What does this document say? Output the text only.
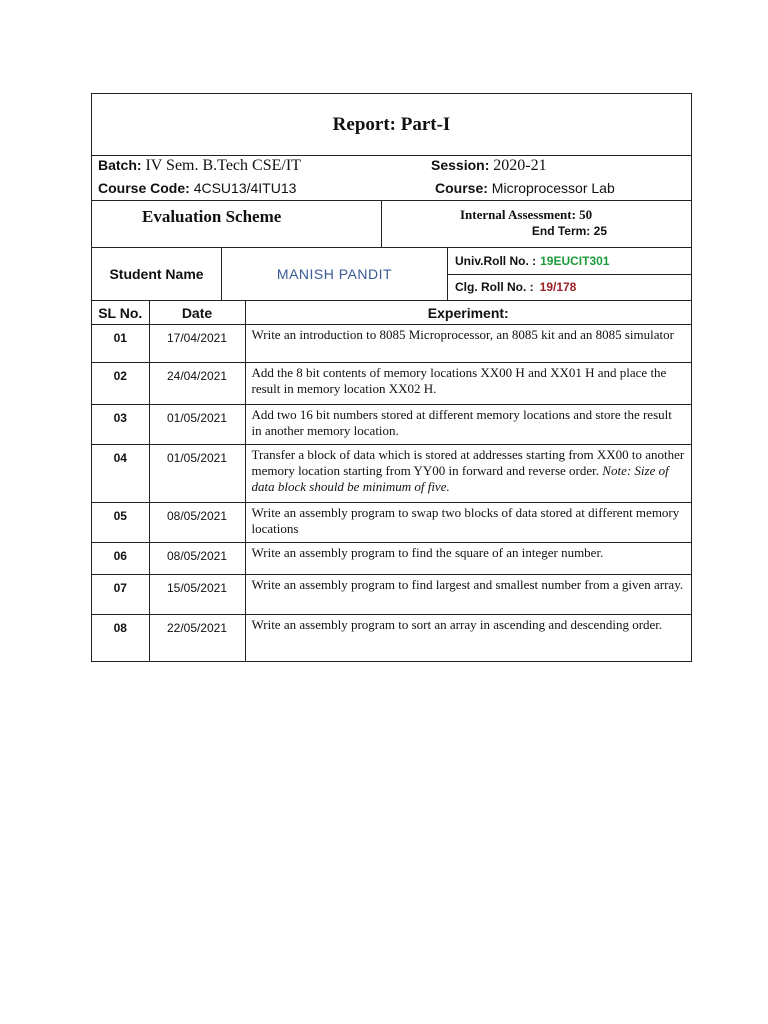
Report: Part-I
Batch: IV Sem. B.Tech CSE/IT	Session: 2020-21
Course Code: 4CSU13/4ITU13	Course: Microprocessor Lab
Evaluation Scheme	Internal Assessment: 50
End Term: 25
Student Name	MANISH PANDIT
Univ.Roll No. : 19EUCIT301
Clg. Roll No. : 19/178
SL No.	Date	Experiment:
01	17/04/2021	Write an introduction to 8085 Microprocessor, an 8085 kit and an 8085 simulator
02	24/04/2021	Add the 8 bit contents of memory locations XX00 H and XX01 H and place the result in memory location XX02 H.
03	01/05/2021	Add two 16 bit numbers stored at different memory locations and store the result in another memory location.
04	01/05/2021	Transfer a block of data which is stored at addresses starting from XX00 to another memory location starting from YY00 in forward and reverse order. Note: Size of data block should be minimum of five.
05	08/05/2021	Write an assembly program to swap two blocks of data stored at different memory locations
06	08/05/2021	Write an assembly program to find the square of an integer number.
07	15/05/2021	Write an assembly program to find largest and smallest number from a given array.
08	22/05/2021	Write an assembly program to sort an array in ascending and descending order.
